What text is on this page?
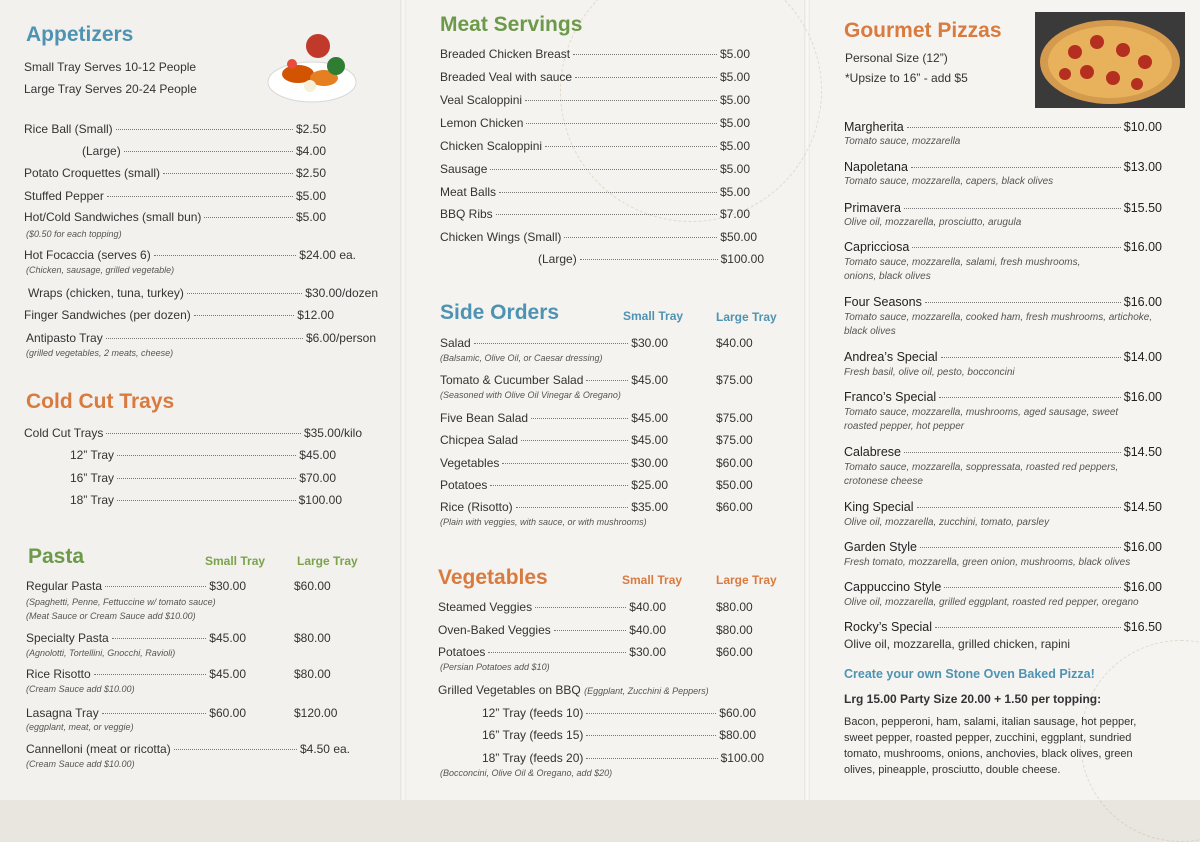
Appetizers
Small Tray Serves 10-12 People
Large Tray Serves 20-24 People
Rice Ball (Small)	$2.50
(Large)	$4.00
Potato Croquettes (small)	$2.50
Stuffed Pepper	$5.00
Hot/Cold Sandwiches (small bun)	$5.00
($0.50 for each topping)
Hot Focaccia (serves 6)	$24.00 ea.
(Chicken, sausage, grilled vegetable)
Wraps (chicken, tuna, turkey)	$30.00/dozen
Finger Sandwiches (per dozen)	$12.00
Antipasto Tray	$6.00/person
(grilled vegetables, 2 meats, cheese)
Cold Cut Trays
Cold Cut Trays	$35.00/kilo
12” Tray	$45.00
16” Tray	$70.00
18” Tray	$100.00
Pasta	Small Tray	Large Tray
Regular Pasta	$30.00	$60.00
(Spaghetti, Penne, Fettuccine w/ tomato sauce)
(Meat Sauce or Cream Sauce add $10.00)
Specialty Pasta	$45.00	$80.00
(Agnolotti, Tortellini, Gnocchi, Ravioli)
Rice Risotto	$45.00	$80.00
(Cream Sauce add $10.00)
Lasagna Tray	$60.00	$120.00
(eggplant, meat, or veggie)
Cannelloni (meat or ricotta)	$4.50 ea.
(Cream Sauce add $10.00)
Meat Servings
Breaded Chicken Breast	$5.00
Breaded Veal with sauce	$5.00
Veal Scaloppini	$5.00
Lemon Chicken	$5.00
Chicken Scaloppini	$5.00
Sausage	$5.00
Meat Balls	$5.00
BBQ Ribs	$7.00
Chicken Wings (Small)	$50.00
(Large)	$100.00
Side Orders	Small Tray	Large Tray
Salad	$30.00	$40.00
(Balsamic, Olive Oil, or Caesar dressing)
Tomato & Cucumber Salad	$45.00	$75.00
(Seasoned with Olive Oil Vinegar & Oregano)
Five Bean Salad	$45.00	$75.00
Chicpea Salad	$45.00	$75.00
Vegetables	$30.00	$60.00
Potatoes	$25.00	$50.00
Rice (Risotto)	$35.00	$60.00
(Plain with veggies, with sauce, or with mushrooms)
Vegetables	Small Tray	Large Tray
Steamed Veggies	$40.00	$80.00
Oven-Baked Veggies	$40.00	$80.00
Potatoes	$30.00	$60.00
(Persian Potatoes add $10)
Grilled Vegetables on BBQ (Eggplant, Zucchini & Peppers)
12” Tray (feeds 10)	$60.00
16” Tray (feeds 15)	$80.00
18” Tray (feeds 20)	$100.00
(Bocconcini, Olive Oil & Oregano, add $20)
Gourmet Pizzas
Personal Size (12”)
*Upsize to 16” - add $5
Margherita	$10.00
Tomato sauce, mozzarella
Napoletana	$13.00
Tomato sauce, mozzarella, capers, black olives
Primavera	$15.50
Olive oil, mozzarella, prosciutto, arugula
Capricciosa	$16.00
Tomato sauce, mozzarella, salami, fresh mushrooms, onions, black olives
Four Seasons	$16.00
Tomato sauce, mozzarella, cooked ham, fresh mushrooms, artichoke, black olives
Andrea’s Special	$14.00
Fresh basil, olive oil, pesto, bocconcini
Franco’s Special	$16.00
Tomato sauce, mozzarella, mushrooms, aged sausage, sweet roasted pepper, hot pepper
Calabrese	$14.50
Tomato sauce, mozzarella, soppressata, roasted red peppers, crotonese cheese
King Special	$14.50
Olive oil, mozzarella, zucchini, tomato, parsley
Garden Style	$16.00
Fresh tomato, mozzarella, green onion, mushrooms, black olives
Cappuccino Style	$16.00
Olive oil, mozzarella, grilled eggplant, roasted red pepper, oregano
Rocky’s Special	$16.50
Olive oil, mozzarella, grilled chicken, rapini
Create your own Stone Oven Baked Pizza!
Lrg 15.00 Party Size 20.00 + 1.50 per topping:
Bacon, pepperoni, ham, salami, italian sausage, hot pepper, sweet pepper, roasted pepper, zucchini, eggplant, sundried tomato, mushrooms, onions, anchovies, black olives, green olives, pineapple, prosciutto, double cheese.
